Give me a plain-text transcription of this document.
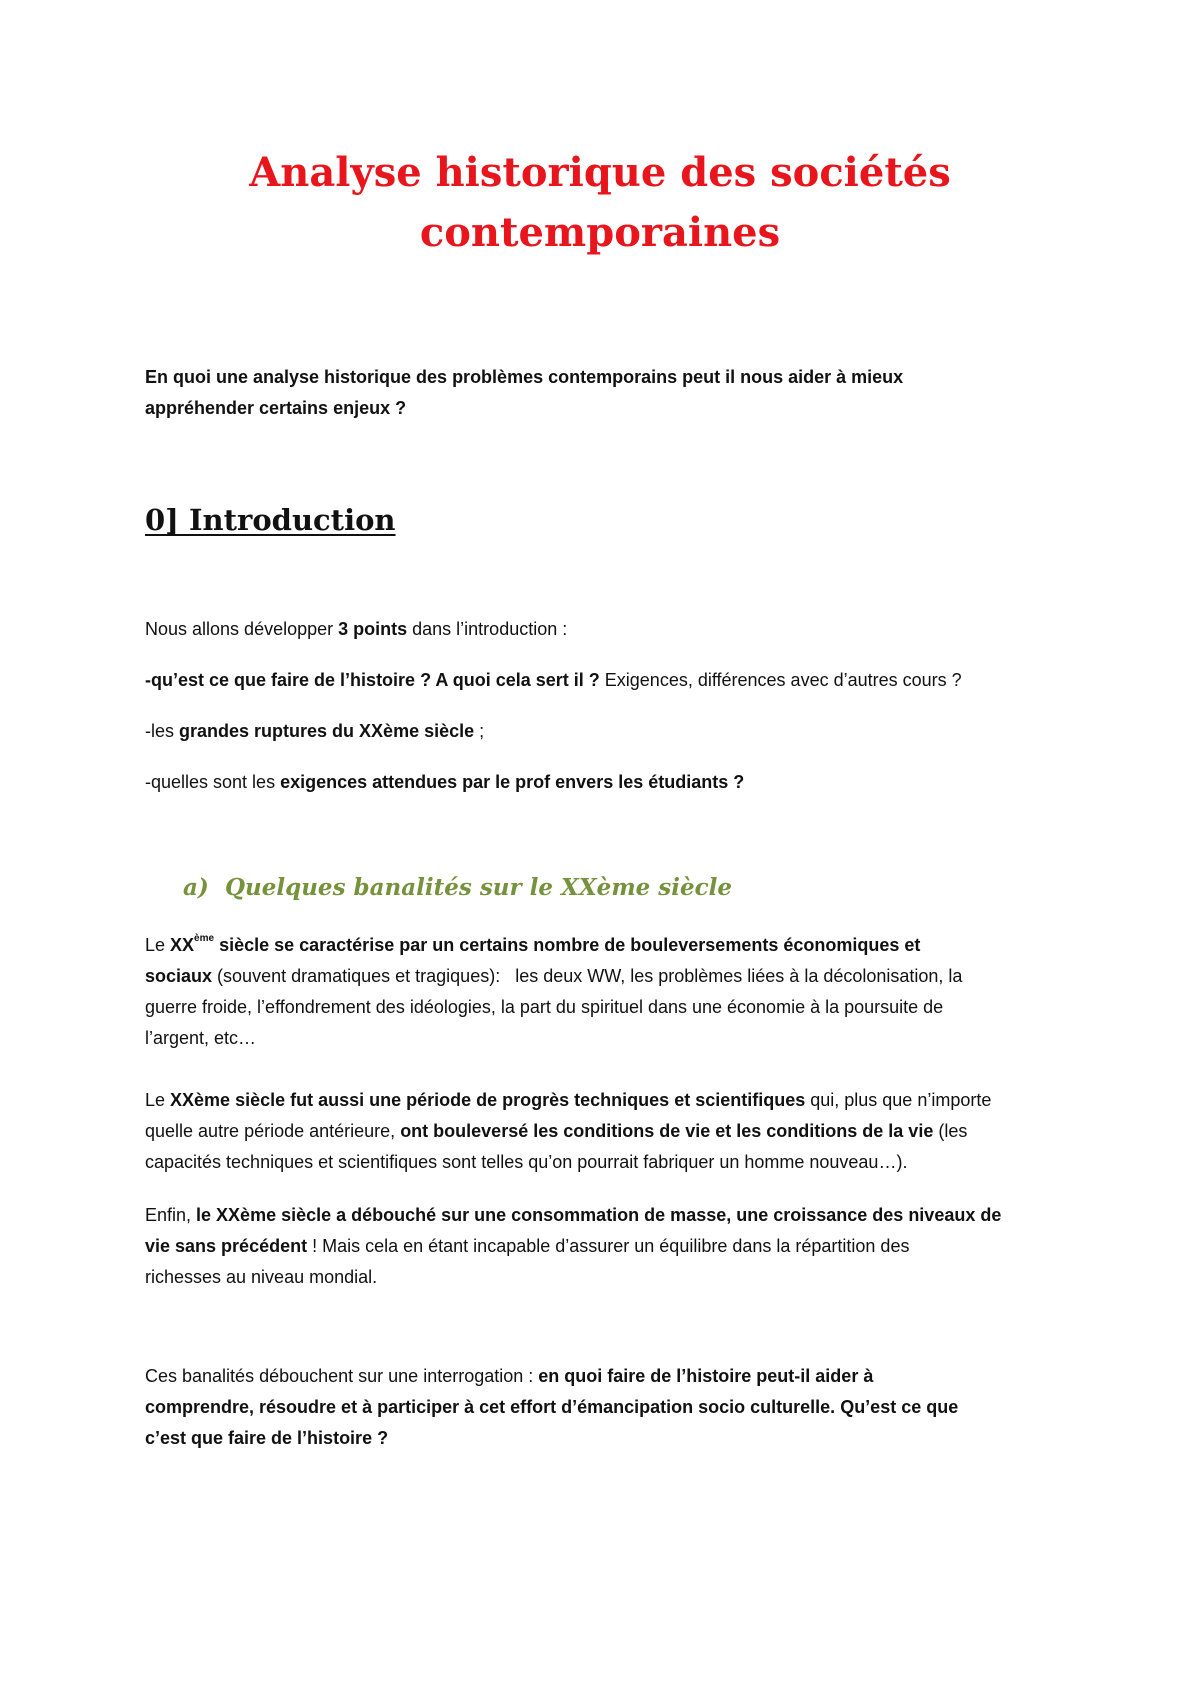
Analyse historique des sociétés
contemporaines
En quoi une analyse historique des problèmes contemporains peut il nous aider à mieux
appréhender certains enjeux ?
0] Introduction

Nous allons développer 3 points dans l’introduction :

-qu’est ce que faire de l’histoire ? A quoi cela sert il ? Exigences, différences avec d’autres cours ?

-les grandes ruptures du XXème siècle ;

-quelles sont les exigences attendues par le prof envers les étudiants ?

a) Quelques banalités sur le XXème siècle
Le XXème siècle se caractérise par un certains nombre de bouleversements économiques et
sociaux (souvent dramatiques et tragiques):   les deux WW, les problèmes liées à la décolonisation, la
guerre froide, l’effondrement des idéologies, la part du spirituel dans une économie à la poursuite de
l’argent, etc…
Le XXème siècle fut aussi une période de progrès techniques et scientifiques qui, plus que n’importe
quelle autre période antérieure, ont bouleversé les conditions de vie et les conditions de la vie (les
capacités techniques et scientifiques sont telles qu’on pourrait fabriquer un homme nouveau…).
Enfin, le XXème siècle a débouché sur une consommation de masse, une croissance des niveaux de
vie sans précédent ! Mais cela en étant incapable d’assurer un équilibre dans la répartition des
richesses au niveau mondial.
Ces banalités débouchent sur une interrogation : en quoi faire de l’histoire peut-il aider à
comprendre, résoudre et à participer à cet effort d’émancipation socio culturelle. Qu’est ce que
c’est que faire de l’histoire ?
